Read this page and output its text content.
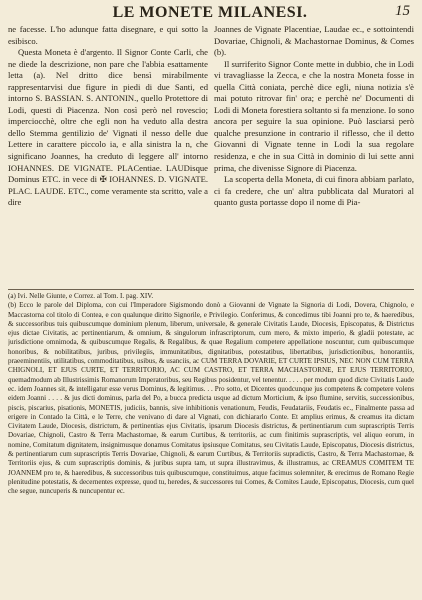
LE MONETE MILANESI.	15

ne facesse. L'ho adunque fatta disegnare, e qui sotto la esibisco.

Questa Moneta è d'argento. Il Signor Conte Carli, che ne diede la descrizione, non pare che l'abbia esattamente letta (a). Nel dritto dice bensì mirabilmente rappresentarvisi due figure in piedi di due Santi, ed intorno S. BASSIAN. S. ANTONIN., quello Protettore di Lodi, questi di Piacenza. Non così però nel rovescio; imperciocchè, oltre che egli non ha veduto alla destra dello Stemma gentilizio de' Vignati il nesso delle due Lettere in carattere piccolo ia, e alla sinistra la n, che significano Joannes, ha creduto di leggere all' intorno IOHANNES. DE VIGNATE. PLACentiae. LAUDisque Dominus ETC. in vece di ✠ IOHANNES. D. VIGNATE. PLAC. LAUDE. ETC., come veramente sta scritto, vale a dire

Joannes de Vignate Placentiae, Laudae ec., e sottointendi Dovariae, Chignoli, & Machastornae Dominus, & Comes (b).

Il surriferito Signor Conte mette in dubbio, che in Lodi vi travagliasse la Zecca, e che la nostra Moneta fosse in quella Città coniata, perchè dice egli, niuna notizia s'è mai potuto ritrovar fin' ora; e perchè ne' Documenti di Lodi di Moneta forestiera soltanto si fa menzione. Io sono ancora per seguire la sua opinione. Può lasciarsi però qualche presunzione in contrario il riflesso, che il detto Giovanni di Vignate tenne in Lodi la sua regolare residenza, e che in sua Città in dominio di lui sette anni prima, che divenisse Signore di Piacenza.

La scoperta della Moneta, di cui finora abbiam parlato, ci fa credere, che un' altra pubblicata dal Muratori al quanto gusta portasse dopo il nome di Pia-

(a) Ivi. Nelle Giunte, e Correz. al Tom. I. pag. XIV.

(b) Ecco le parole del Diploma, con cui l'Imperadore Sigismondo donò a Giovanni de Vignate la Signoria di Lodi, Dovera, Chignolo, e Maccastorna col titolo di Contea, e con qualunque diritto Signorile, e Privilegio. Conferimus, & concedimus tibi Joanni pro te, & haeredibus, & successoribus tuis quibuscumque dominium plenum, liberum, universale, & generale Civitatis Laude, Diocesis, Episcopatus, & Districtus ejus dictae Civitatis, ac pertinentiarum, & omnium, & singulorum infrascriptorum, cum mero, & mixto imperio, & gladii potestate, ac jurisdictione omnimoda, & quibuscumque Regalis, & Regalibus, & quae Regalium competere appellatione noscuntur, cum quibuscumque honoribus, & nobilitatibus, juribus, privilegiis, immunitatibus, dignitatibus, potestatibus, libertatibus, jurisdictionibus, honorantiis, praeeminentiis, utilitatibus, commoditatibus, usibus, & usanciis, ac CUM TERRA DOVARIE, ET CURTE IPSIUS, NEC NON CUM TERRA CHIGNOLI, ET EJUS CURTE, ET TERRITORIO, AC CUM CASTRO, ET TERRA MACHASTORNE, ET EJUS TERRITORIO, quemadmodum ab Illustrissimis Romanorum Imperatoribus, seu Regibus posidentur, vel tenentur. . . . . per modum quod dicte Civitatis Laude ec. idem Joannes sit, & intelligatur esse verus Dominus, & legitimus. . . Pro sotto, et Dicentes quodcunque jus competens & competere volens eidem Joanni . . . . & jus dicti dominus, parla del Po, a bucca predicta usque ad dictum Morticium, & ipso flumine, servitis, successionibus, piscis, piscarius, pisationis, MONETIS, judiciis, bannis, sive inhibitionis venationum, Feudis, Feudatariis, Feudatis ec., Finalmente passa ad erigere in Contado la Città, e le Terre, che venivano di dare al Vignati, con dichiararlo Conte. Et amplius erimus, & creamus ita dictam Civitatem Laude, Diocesis, districtum, & pertinentias ejus Civitatis, ipsarum Diocesis districtus, & pertinentiarum cum suprascriptis Terris Dovariae, Chignoli, Castro & Terra Machastornae, & earum Curtibus, & territoriis, ac cum finitimis suprascriptis, vel aliquo eorum, in nomine, Comitatum dignitatem, insignimusque donamus Comitatus ipsiusque Comitatus, seu Civitatis Laude, Episcopatus, Diocesis districtus, & pertinentiarum cum suprascriptis Terris Dovariae, Chignoli, & earum Curtibus, & Territoriis supradictis, Castro, & Terra Machastornae, & Territoriis ejus, & cum suprascriptis dominis, & juribus supra tam, ut supra illustravimus, & illustramus, ac CREAMUS COMITEM TE JOANNEM pro te, & haeredibus, & successoribus tuis quibuscumque, constituimus, atque facimus solemniter, & erecimus de Romano Regie plenitudine potestatis, & decernentes expresse, quod tu, heredes, & successores tui Comes, & Comites Laude, Episcopatus, Diocesis, cum quel che segue, nuncuperis & nuncupentur ec.
